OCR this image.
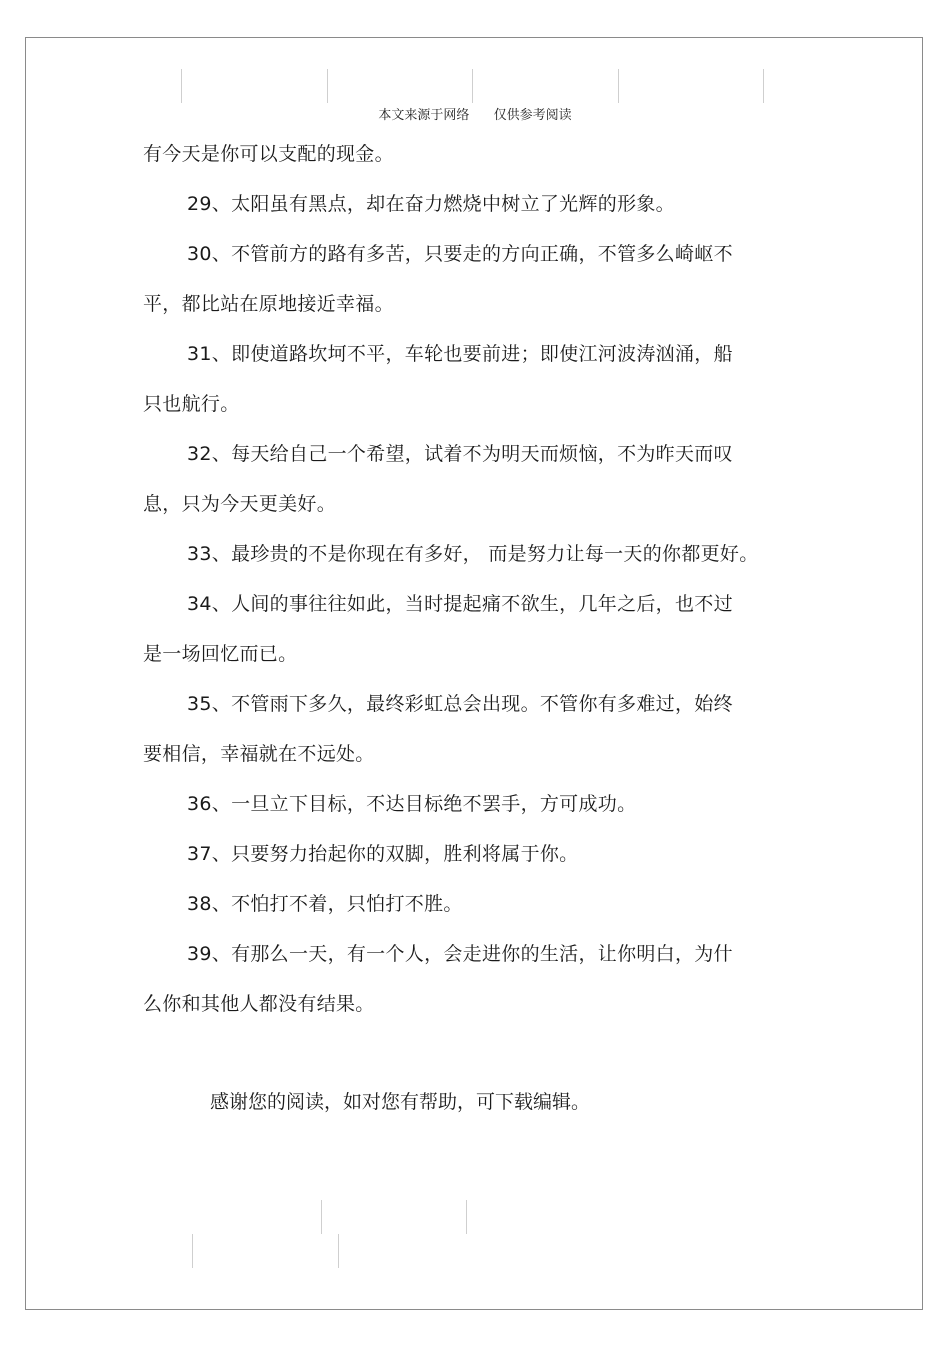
本文来源于网络 仅供参考阅读
有今天是你可以支配的现金。
29、太阳虽有黑点，却在奋力燃烧中树立了光辉的形象。
30、不管前方的路有多苦，只要走的方向正确，不管多么崎岖不
平，都比站在原地接近幸福。
31、即使道路坎坷不平，车轮也要前进；即使江河波涛汹涌，船
只也航行。
32、每天给自己一个希望，试着不为明天而烦恼，不为昨天而叹
息，只为今天更美好。
33、最珍贵的不是你现在有多好， 而是努力让每一天的你都更好。
34、人间的事往往如此，当时提起痛不欲生，几年之后，也不过
是一场回忆而已。
35、不管雨下多久，最终彩虹总会出现。不管你有多难过，始终
要相信，幸福就在不远处。
36、一旦立下目标，不达目标绝不罢手，方可成功。
37、只要努力抬起你的双脚，胜利将属于你。
38、不怕打不着，只怕打不胜。
39、有那么一天，有一个人，会走进你的生活，让你明白，为什
么你和其他人都没有结果。
感谢您的阅读，如对您有帮助，可下载编辑。
